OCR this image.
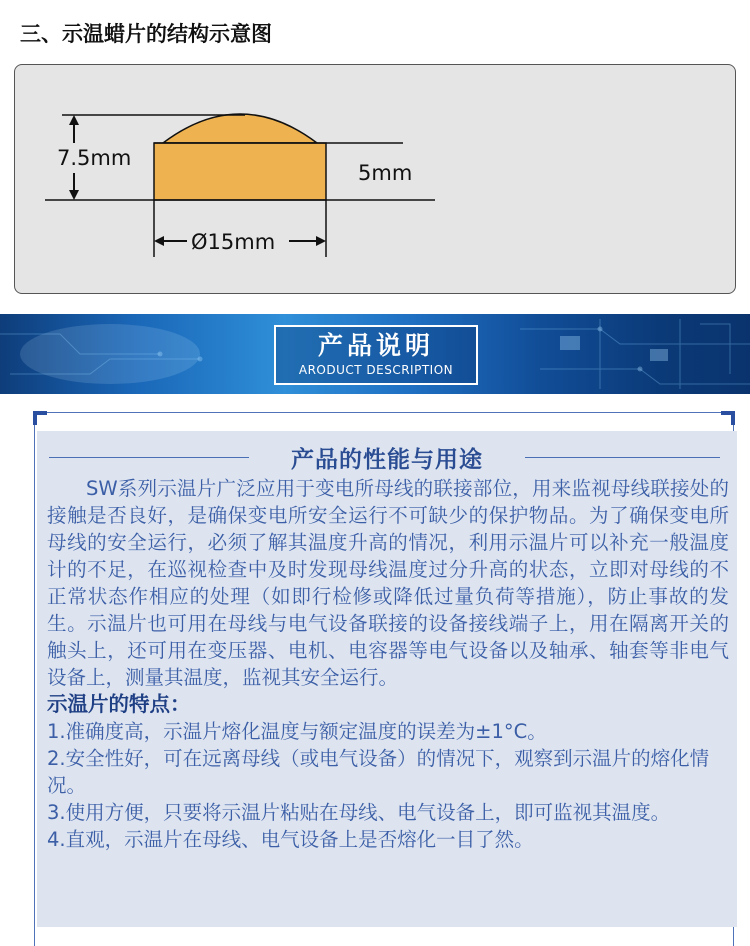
三、示温蜡片的结构示意图
7.5mm
5mm
Ø15mm
产品说明
ARODUCT DESCRIPTION
产品的性能与用途

SW系列示温片广泛应用于变电所母线的联接部位，用来监视母线联接处的接触是否良好，是确保变电所安全运行不可缺少的保护物品。为了确保变电所母线的安全运行，必须了解其温度升高的情况，利用示温片可以补充一般温度计的不足，在巡视检查中及时发现母线温度过分升高的状态，立即对母线的不正常状态作相应的处理（如即行检修或降低过量负荷等措施），防止事故的发生。示温片也可用在母线与电气设备联接的设备接线端子上，用在隔离开关的触头上，还可用在变压器、电机、电容器等电气设备以及轴承、轴套等非电气设备上，测量其温度，监视其安全运行。

示温片的特点：

1.准确度高，示温片熔化温度与额定温度的误差为±1°C。

2.安全性好，可在远离母线（或电气设备）的情况下，观察到示温片的熔化情况。

3.使用方便，只要将示温片粘贴在母线、电气设备上，即可监视其温度。

4.直观，示温片在母线、电气设备上是否熔化一目了然。
